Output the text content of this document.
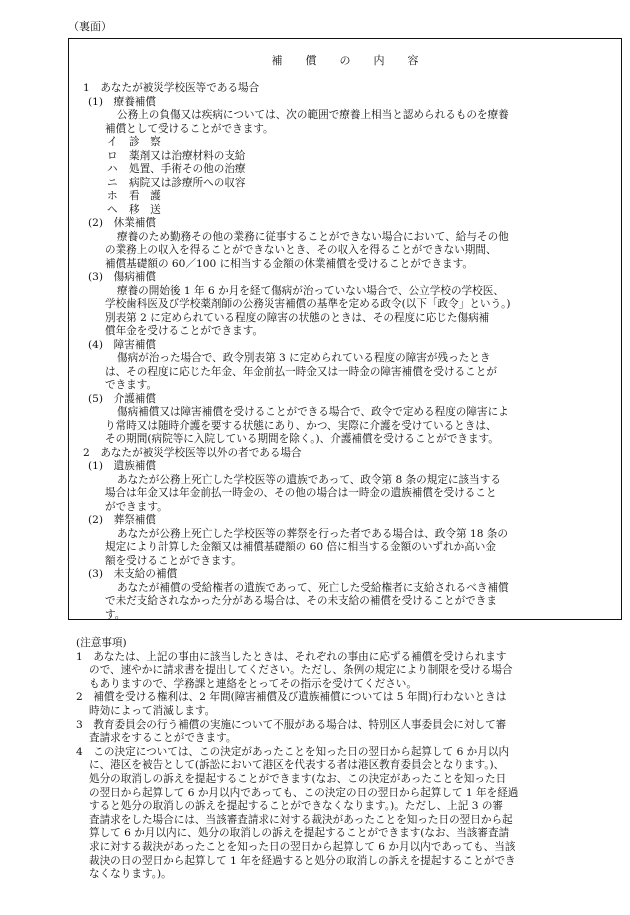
（裏面）
補償の内容
1　あなたが被災学校医等である場合
(1)　療養補償
公務上の負傷又は疾病については、次の範囲で療養上相当と認められるものを療養
補償として受けることができます。
イ 診　察
ロ 薬剤又は治療材料の支給
ハ 処置、手術その他の治療
ニ 病院又は診療所への収容
ホ 看　護
ヘ 移　送
(2)　休業補償
療養のため勤務その他の業務に従事することができない場合において、給与その他
の業務上の収入を得ることができないとき、その収入を得ることができない期間、
補償基礎額の 60／100 に相当する金額の休業補償を受けることができます。
(3)　傷病補償
療養の開始後 1 年 6 か月を経て傷病が治っていない場合で、公立学校の学校医、
学校歯科医及び学校薬剤師の公務災害補償の基準を定める政令(以下「政令」という。)
別表第 2 に定められている程度の障害の状態のときは、その程度に応じた傷病補
償年金を受けることができます。
(4)　障害補償
傷病が治った場合で、政令別表第 3 に定められている程度の障害が残ったとき
は、その程度に応じた年金、年金前払一時金又は一時金の障害補償を受けることが
できます。
(5)　介護補償
傷病補償又は障害補償を受けることができる場合で、政令で定める程度の障害によ
り常時又は随時介護を要する状態にあり、かつ、実際に介護を受けているときは、
その期間(病院等に入院している期間を除く。)、介護補償を受けることができます。
2　あなたが被災学校医等以外の者である場合
(1)　遺族補償
あなたが公務上死亡した学校医等の遺族であって、政令第 8 条の規定に該当する
場合は年金又は年金前払一時金の、その他の場合は一時金の遺族補償を受けること
ができます。
(2)　葬祭補償
あなたが公務上死亡した学校医等の葬祭を行った者である場合は、政令第 18 条の
規定により計算した金額又は補償基礎額の 60 倍に相当する金額のいずれか高い金
額を受けることができます。
(3)　未支給の補償
あなたが補償の受給権者の遺族であって、死亡した受給権者に支給されるべき補償
で未だ支給されなかった分がある場合は、その未支給の補償を受けることができま
す。
(注意事項)
1　あなたは、上記の事由に該当したときは、それぞれの事由に応ずる補償を受けられます
ので、速やかに請求書を提出してください。ただし、条例の規定により制限を受ける場合
もありますので、学務課と連絡をとってその指示を受けてください。
2　補償を受ける権利は、2 年間(障害補償及び遺族補償については 5 年間)行わないときは
時効によって消滅します。
3　教育委員会の行う補償の実施について不服がある場合は、特別区人事委員会に対して審
査請求をすることができます。
4　この決定については、この決定があったことを知った日の翌日から起算して 6 か月以内
に、港区を被告として(訴訟において港区を代表する者は港区教育委員会となります。)、
処分の取消しの訴えを提起することができます(なお、この決定があったことを知った日
の翌日から起算して 6 か月以内であっても、この決定の日の翌日から起算して 1 年を経過
すると処分の取消しの訴えを提起することができなくなります。)。ただし、上記 3 の審
査請求をした場合には、当該審査請求に対する裁決があったことを知った日の翌日から起
算して 6 か月以内に、処分の取消しの訴えを提起することができます(なお、当該審査請
求に対する裁決があったことを知った日の翌日から起算して 6 か月以内であっても、当該
裁決の日の翌日から起算して 1 年を経過すると処分の取消しの訴えを提起することができ
なくなります。)。
